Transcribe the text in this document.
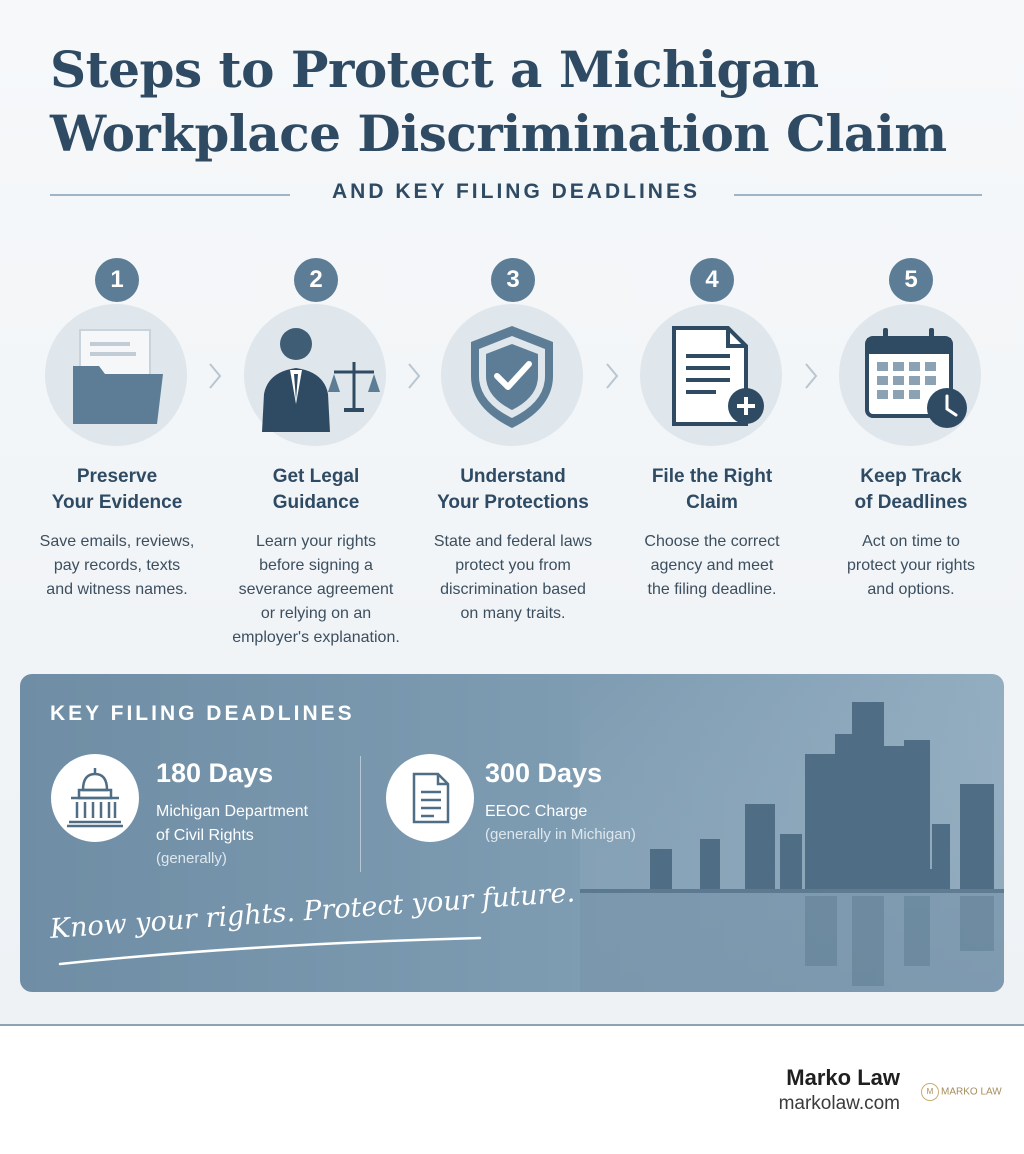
Steps to Protect a Michigan
Workplace Discrimination Claim
AND KEY FILING DEADLINES
1
Preserve
Your Evidence
Save emails, reviews,
pay records, texts
and witness names.
2
Get Legal
Guidance
Learn your rights
before signing a
severance agreement
or relying on an
employer's explanation.
3
Understand
Your Protections
State and federal laws
protect you from
discrimination based
on many traits.
4
File the Right
Claim
Choose the correct
agency and meet
the filing deadline.
5
Keep Track
of Deadlines
Act on time to
protect your rights
and options.
KEY FILING DEADLINES
180 Days
Michigan Department
of Civil Rights
(generally)
300 Days
EEOC Charge
(generally in Michigan)
Know your rights. Protect your future.
Marko Law
markolaw.com
M MARKO LAW
